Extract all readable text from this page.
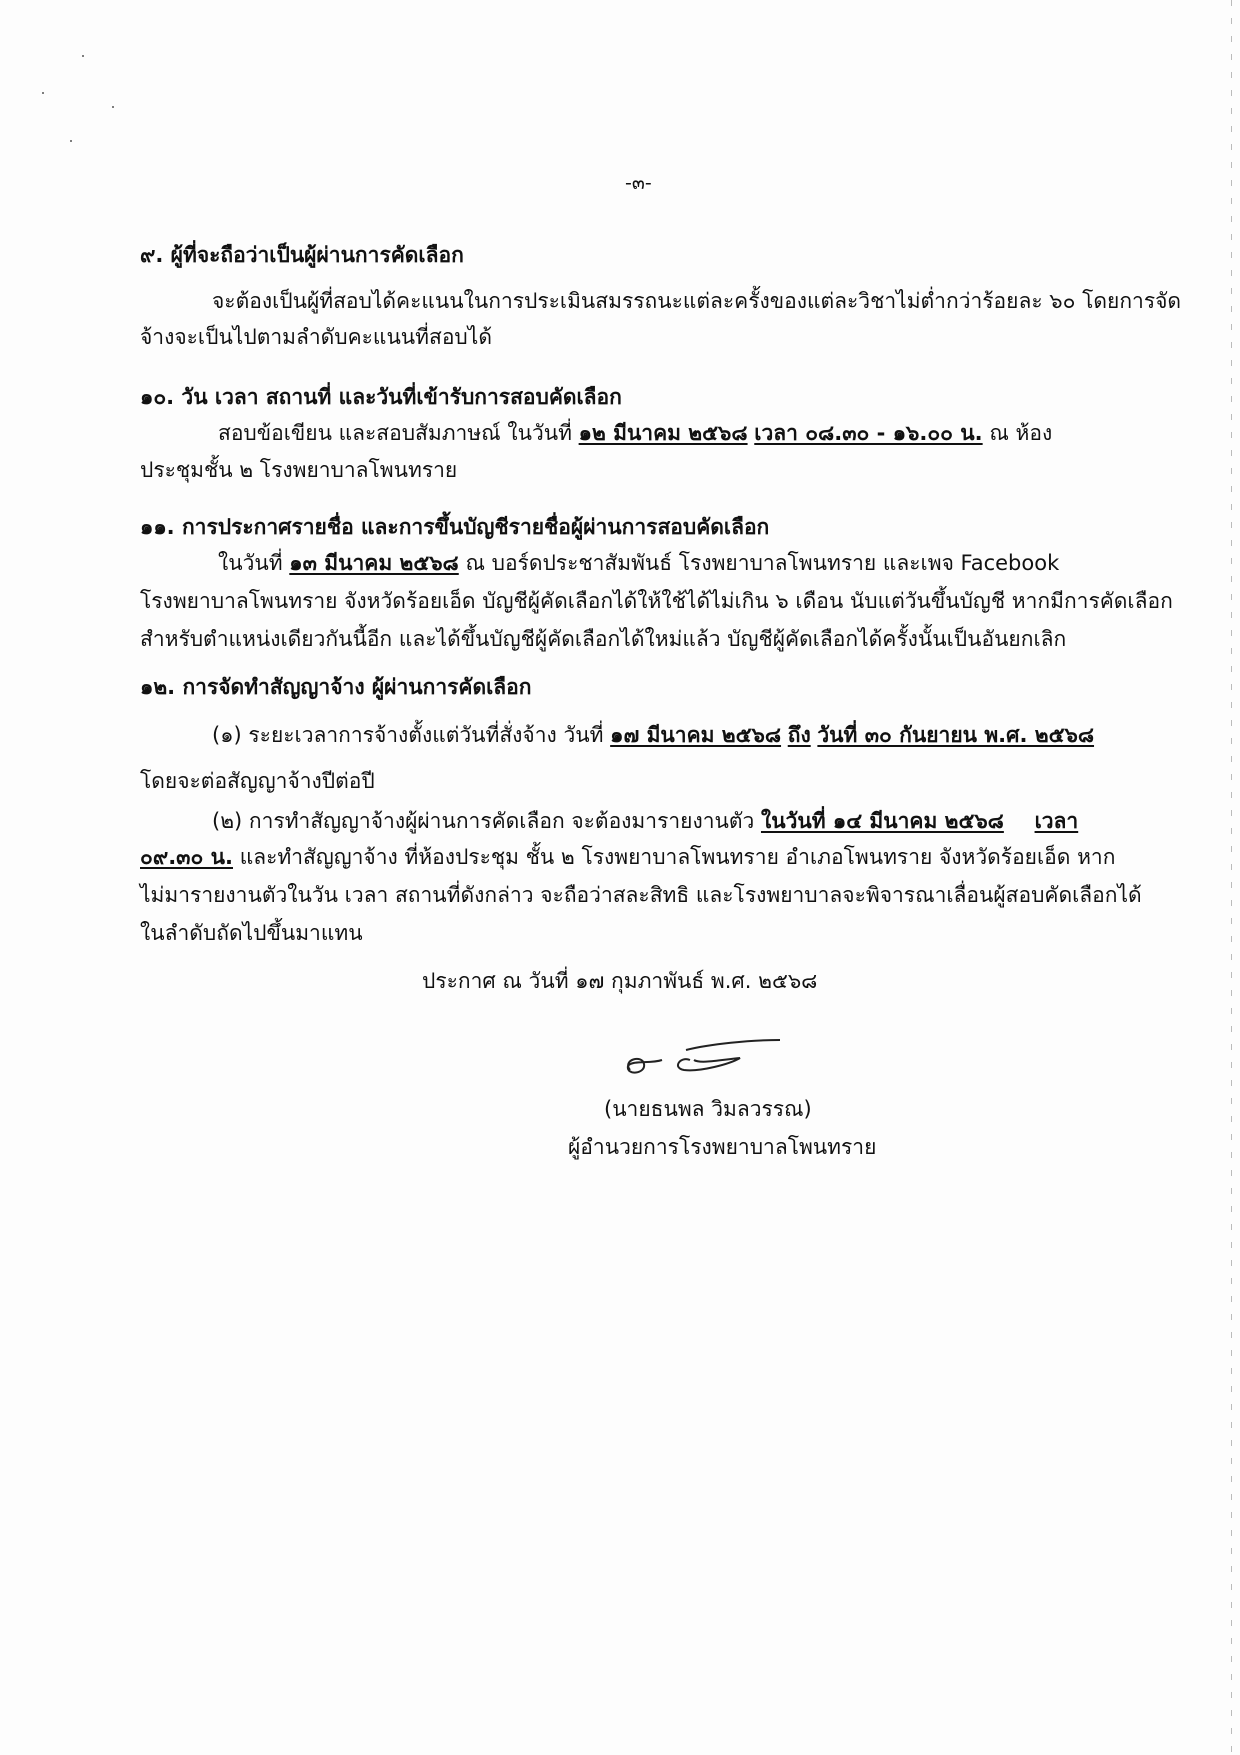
-๓-
๙. ผู้ที่จะถือว่าเป็นผู้ผ่านการคัดเลือก
จะต้องเป็นผู้ที่สอบได้คะแนนในการประเมินสมรรถนะแต่ละครั้งของแต่ละวิชาไม่ต่ำกว่าร้อยละ ๖๐ โดยการจัด
จ้างจะเป็นไปตามลำดับคะแนนที่สอบได้
๑๐. วัน เวลา สถานที่ และวันที่เข้ารับการสอบคัดเลือก
สอบข้อเขียน และสอบสัมภาษณ์ ในวันที่ ๑๒ มีนาคม ๒๕๖๘ เวลา ๐๘.๓๐ - ๑๖.๐๐ น. ณ ห้อง
ประชุมชั้น ๒ โรงพยาบาลโพนทราย
๑๑. การประกาศรายชื่อ และการขึ้นบัญชีรายชื่อผู้ผ่านการสอบคัดเลือก
ในวันที่ ๑๓ มีนาคม ๒๕๖๘ ณ บอร์ดประชาสัมพันธ์ โรงพยาบาลโพนทราย และเพจ Facebook
โรงพยาบาลโพนทราย จังหวัดร้อยเอ็ด บัญชีผู้คัดเลือกได้ให้ใช้ได้ไม่เกิน ๖ เดือน นับแต่วันขึ้นบัญชี หากมีการคัดเลือก
สำหรับตำแหน่งเดียวกันนี้อีก และได้ขึ้นบัญชีผู้คัดเลือกได้ใหม่แล้ว บัญชีผู้คัดเลือกได้ครั้งนั้นเป็นอันยกเลิก
๑๒. การจัดทำสัญญาจ้าง ผู้ผ่านการคัดเลือก
(๑) ระยะเวลาการจ้างตั้งแต่วันที่สั่งจ้าง วันที่ ๑๗ มีนาคม ๒๕๖๘ ถึง วันที่ ๓๐ กันยายน พ.ศ. ๒๕๖๘
โดยจะต่อสัญญาจ้างปีต่อปี
(๒) การทำสัญญาจ้างผู้ผ่านการคัดเลือก จะต้องมารายงานตัว ในวันที่ ๑๔ มีนาคม ๒๕๖๘ เวลา
๐๙.๓๐ น. และทำสัญญาจ้าง ที่ห้องประชุม ชั้น ๒ โรงพยาบาลโพนทราย อำเภอโพนทราย จังหวัดร้อยเอ็ด หาก
ไม่มารายงานตัวในวัน เวลา สถานที่ดังกล่าว จะถือว่าสละสิทธิ และโรงพยาบาลจะพิจารณาเลื่อนผู้สอบคัดเลือกได้
ในลำดับถัดไปขึ้นมาแทน
ประกาศ ณ วันที่ ๑๗ กุมภาพันธ์ พ.ศ. ๒๕๖๘
(นายธนพล วิมลวรรณ)
ผู้อำนวยการโรงพยาบาลโพนทราย
